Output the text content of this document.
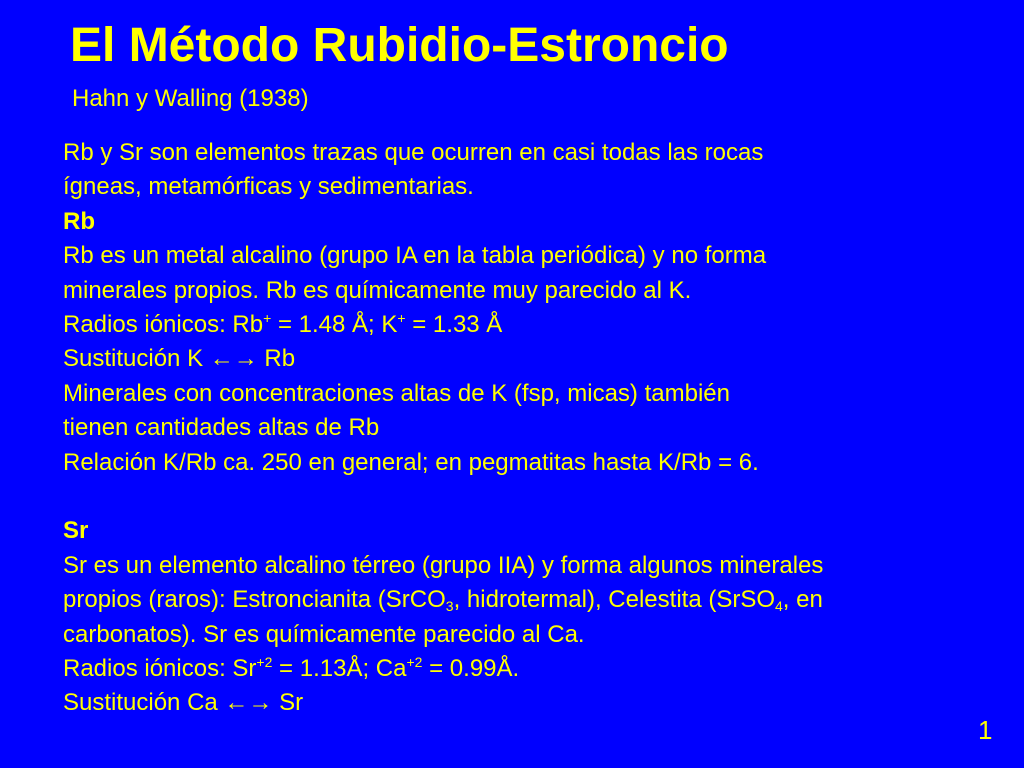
El Método Rubidio-Estroncio
Hahn y Walling (1938)
Rb y Sr son elementos trazas que ocurren en casi todas las rocas
ígneas, metamórficas y sedimentarias.
Rb
Rb es un metal alcalino (grupo IA en la tabla periódica) y no forma
minerales propios. Rb es químicamente muy parecido al K.
Radios iónicos: Rb+ = 1.48 Å; K+ = 1.33 Å
Sustitución K ←→ Rb
Minerales con concentraciones altas de K (fsp, micas) también
tienen cantidades altas de Rb
Relación K/Rb ca. 250 en general; en pegmatitas hasta K/Rb = 6.
Sr
Sr es un elemento alcalino térreo (grupo IIA) y forma algunos minerales
propios (raros): Estroncianita (SrCO$_3$, hidrotermal), Celestita (SrSO$_4$, en
carbonatos). Sr es químicamente parecido al Ca.
Radios iónicos: $Sr^{+2}$ = 1.13Å; $Ca^{+2}$ = 0.99Å.
Sustitución Ca ←→ Sr
1
